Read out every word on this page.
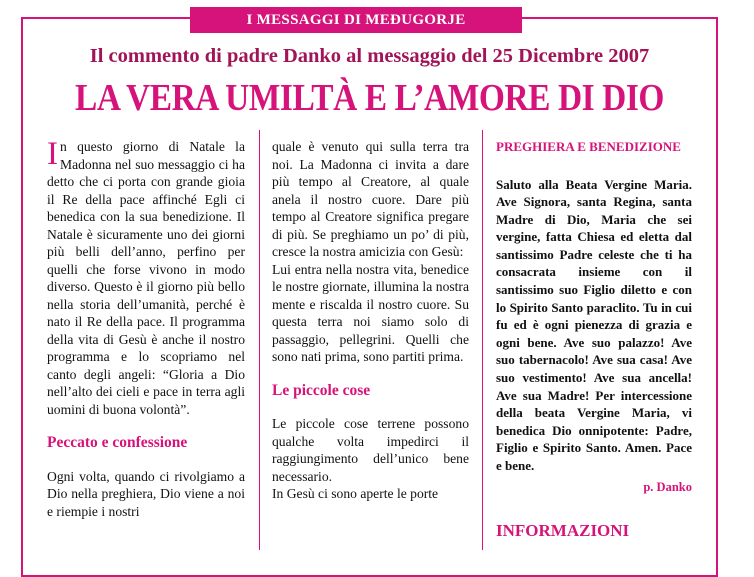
I MESSAGGI DI MEÐUGORJE
Il commento di padre Danko al messaggio del 25 Dicembre 2007
LA VERA UMILTÀ E L’AMORE DI DIO

In questo giorno di Natale la Madonna nel suo messaggio ci ha detto che ci porta con grande gioia il Re della pace affinché Egli ci benedica con la sua benedizione. Il Natale è sicuramente uno dei giorni più belli dell’anno, perfino per quelli che forse vivono in modo diverso. Questo è il giorno più bello nella storia dell’umanità, perché è nato il Re della pace. Il programma della vita di Gesù è anche il nostro programma e lo scopriamo nel canto degli angeli: “Gloria a Dio nell’alto dei cieli e pace in terra agli uomini di buona volontà”.

Peccato e confessione

Ogni volta, quando ci rivolgiamo a Dio nella preghiera, Dio viene a noi e riempie i nostri

quale è venuto qui sulla terra tra noi. La Madonna ci invita a dare più tempo al Creatore, al quale anela il nostro cuore. Dare più tempo al Creatore significa pregare di più. Se preghiamo un po’ di più, cresce la nostra amicizia con Gesù:

Lui entra nella nostra vita, benedice le nostre giornate, illumina la nostra mente e riscalda il nostro cuore. Su questa terra noi siamo solo di passaggio, pellegrini. Quelli che sono nati prima, sono partiti prima.

Le piccole cose

Le piccole cose terrene possono qualche volta impedirci il raggiungimento dell’unico bene necessario.

In Gesù ci sono aperte le porte

PREGHIERA E BENEDIZIONE

Saluto alla Beata Vergine Maria. Ave Signora, santa Regina, santa Madre di Dio, Maria che sei vergine, fatta Chiesa ed eletta dal santissimo Padre celeste che ti ha consacrata insieme con il santissimo suo Figlio diletto e con lo Spirito Santo paraclito. Tu in cui fu ed è ogni pienezza di grazia e ogni bene. Ave suo palazzo! Ave suo tabernacolo! Ave sua casa! Ave suo vestimento! Ave sua ancella! Ave sua Madre! Per intercessione della beata Vergine Maria, vi benedica Dio onnipotente: Padre, Figlio e Spirito Santo. Amen. Pace e bene.

p. Danko
INFORMAZIONI
